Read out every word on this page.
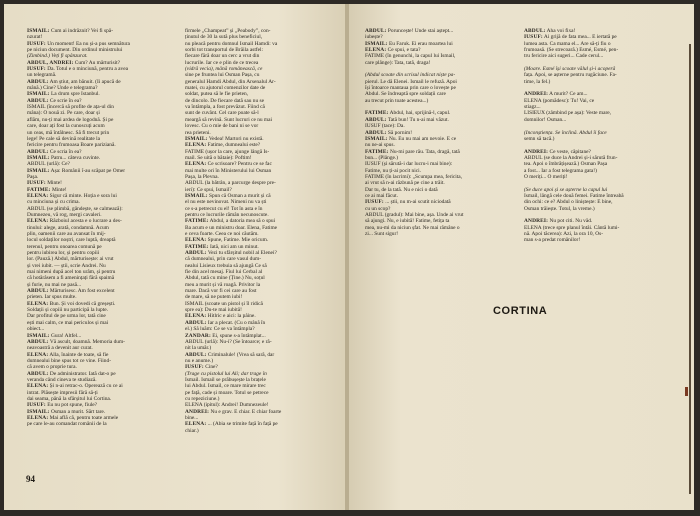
ISMAIL: Cum ai indrăznit? Vei fi spâ-

nzurat!

IUSUF: Un moment! Ea nu și-a pus semnătura

pe niciun document. Din ordinul ministrului

(Zimbind.) Veți fi spânzurat.

ABDUL, ANDREI: Cum? Au mărturisit?

IUSUF: Da. Totul e o minciună, pentru a avea

un telegramă.

ABDUL: Am știut, am bănuit. (Ii apucă de

mână.) Cine? Unde e telegrama?

ISMAIL: La drum spre Istanbul.

ABDUL: Ce scrie în ea?

ISMAIL (încercă să profite de ața-ul din

mâna): O nouă zi. Pe care, doar și

aflăm, nu-ți mai ardea de logodnă. Și pe

care, doar ați fost la cunoscuți acum

un ceas, mă întâlnesc. Să fi trecut prin

lege! Pe cale să devină realitate la

fericire pentru frumoasa Boare pariziană.

ABDUL: Ce scria în ea?

ISMAIL: Patru... câteva cuvinte.

ABDUL (urlă): Ce?

ISMAIL: Așa: Românii î-au scăpat pe Omer

Paşa.

IUSUF: Minte!

FATIME: Minte!

ELENA: Sigur că minte. Hoția e sora lui

cu minciuna și cu crima.

ABDUL (se plimbă, gândește, se calmează):

Dumnezeu, vă rog, mergi cavaleri.

ELENA: Războiul acesta e o lucrare a des-

tinului: alege, arată, condamnă. Acum

plin, oamenii care au avansat în mij-

locul soldaților noștri, care luptă, dreaptă

terenul, pentru onoarea comună pe

pentru iubirea lor, și pentru copiii

lor. (Pauză.) Abdul, mărturisește: ai vrut

și vrei iubit. — știi, scrie Andrei. Nu

mai nimeni după acel ton urâm, și pentru

că hotărâsem a fi amenințați fără spaimă

și furie, nu mai ne pasă...

ABDUL: Mărturisesc. Am fost excelent

prieten. Iar spus multe.

ELENA: Bun. Și voi dovedi că greșești.

Soldații și copiii nu participă la lupte.

Dar profitul de pe urma lor, tată cine

ești mai calm, ce mai periculos și mai

obiect...

ISMAIL: Gura! Altfel...

ABDUL: Vă ascult, doamnă. Memoria dum-

neavoastră a devenit aur curat.

ELENA: Alla, înainte de toate, să fie

dumnealui bine spus tot ce vine. Fiind-

că avem o proprie tura.

ABDUL: De administrator. Iată dat-o pe

veranda când cineva te studiază.

ELENA: Și n-ai retrac-o. Operează cu ce ai

intrat. Plăsește impresii fără să-ți

dai seama, până la sfârșitul lui Cortina.

IUSUF: Eu nu pot spune, fiule?

ISMAIL: Osman a murit. Sărt tare.

ELENA: Mai află că, pentru toate armele

pe care le-au comandat românii de la

firmele „Champeat” și „Peabody”, con-

ținutul de 30 la sută plus beneficiul,

nu pleacă pentru domnul Ismail Hamdi: va

sorbi tot transportul de Brăila astfel:

fiecare fără doar un cerc a vrut din

lucrurile. Iar ce e plin de ce trecea

(vidră vecia), mână românească, ce

sine pe fruntea lui Osman Pașa, cu

generalul Hamdi Abdul, din Arsenalul Ar-

matei, cu ajutorul comenzilor date de

soldat, putea să le fie prieten,

de dincolo. De fiecare dată sau nu se

va întâmpla, a fost prevăzut. Fiind că

sunt de cuvânt. Cel care poate să-l

meargă să revină. Sunt lucruri ce nu mai

lovesc. Cu o mie de bani ni se vor

rea prieteni.

ISMAIL: Vedea! Martori nu există.

ELENA: Fatime, dumnealui este?

FATIME (ușor la care, ajunge lângă Is-

mail. Se uită o bătaie): Poftim!

ELENA: Ce scrisoare? Pentru ce se fac

mai multe ori în Ministerului lui Osman

Pașa, la Plevna.

ABDUL (la bătrân, a parcurge despre pre-

ieri): Ce spui, Ismail?

ISMAIL: Spun că Osman a murit și că

el nu este nevinovat. Nimeni nu va ști

ce s-a petrecut cu el! Tot în asta e în

pentru ce lucrurile rămân necunoscute.

FATIME: Abdul, a datoria mea să o spui

Ba acum e un ministru doar. Elena, Fatime

e ceva foarte. Ceea ce noi căutăm.

ELENA: Spune, Fatime. Mie oricum.

FATIME: Iată, nici am un minut.

ABDUL: Vezi tu sfârșitul nobil al Elenei?

că dumnealui, prin care vasul dum-

nealui Lisieux trebuia să ajungă Ce să

fie din acel mesaj. Fiul lui Cerbal al

Abdul, tată cu mine (Ține.) Nu, soțul

meu a murit și vă roagă. Privitor la

mare. Dacă vor fi cei care au fost

de mare, să ne putem iubi!

ISMAIL (scoate un pistol și îl ridică

spre ea): Du-te mai iubită!

ELENA: Hitlric e aici: la pâine.

ABDUL: Iar a plecat. (Cu o mână în

el.) Să luăm: Ce se va întâmpla?

ZANDAR: Ei, spune s-a întâmplat...

ABDUL (urlă): Nu-i? (Se întoarce; e ră-

nit la umăr.)

ABDUL: Criminalule! (Vrea să sară, dar

nu e anume.)

IUSUF: Cine?

(Trage cu pistolul lui Ali; dar trage în

Ismail. Ismail se prăbușește la brațele

lui Abdul. Ismail, ce mare mirare trec

pe față, cade și moare. Totul se petrece

cu repeziciune.)

ELENA (ipitul): Andrei! Dumnezeule!

ANDREI: Nu e grav. E chiar. E chiar foarte

bine...

ELENA: ... (Abia se trimite față în față pe

chiar.)

94

ABDUL: Poruncește! Unde stai aștept...

iubește?

ISMAIL: Eu Faruk. Ei erau moartea lui

ELENA: Ce spui, e tata?

FATIME (în genunchi, la capul lui Ismail,

care plânge): Tata, tată, draga!

(Abdul scoate din scrisul indicat niște pa-

pierul. Le dă Elenei. Ismail le refuză. Apoi

își întoarce mantaua prin care o lovește pe

Abdul. Se îndreaptă spre soldații care

au trecut prin toate acestea...)

FATIME: Abdul, hai, sprijină-l, capul.

ABDUL: Tată bun! Tu n-ai mai văzut.

IUSUF (tace): Da.

ABDUL: Să pornim!

ISMAIL: Nu. Eu nu mai am nevoie. E ce

nu ne-ai spus.

FATIME: Nu-mi pare rău. Tata, dragă, tată

bun... (Plânge.)

IUSUF (și sărută-i dar lucru-i mai bine):

Fatime, nu ți-ai pocit nici.

FATIME (în lacrimi): „Scumpa mea, fericita,

ai vrut să n-ai răzbună pe cine a trăit.

Dar tu, de la tată. Nu e nici o dată

ce ai mai făcut.

IUSUF: ... știi, nu m-ai scutit niciodată

cu un scop?

ABDUL (gradul): Mai bine, așa. Unde ai vrut

să ajungi. Nu, e iubită! Fatime, fetița ta

mea, nu-mi da niciun șfat. Ne mai rămâne o

zi... Sunt sigur!

ABDUL: Aha voi fixa!

IUSUF: Ai grijă de fata mea... E iertată pe

lumea asta. Ca mama el... Are să-ți fiu o

frumoasă. (Se strecoară.) Esmé, Esmé, pen-

tru fericire aici sugeri... Cade cerul...

(Moare. Esmé își scoate vălul și-i acoperă

fața. Apoi, se așterne pentru rugăciune. Fa-

time, la fel.)

ANDREI: A murit? Ce am...

ELENA (pomădesc): Tu! Vai, ce

stiagz...

LISIEUX (zâmbind pe așa): Veste mare,

domnilor! Osman...

(Inconștiența. Se înclină. Abdul îi face

semn să tacă.)

ANDREI: Ce veste, căpitane?

ABDUL (se duce la Andrei și-i sărută frun-

tea. Apoi o îmbrățișează.) Osman Pașa

a fost... Iar a fost telegrama gata!)

O meriți... O meriți!

(Se duce apoi și se așterne la capul lui

Ismail, lângă cele două femei. Fatime întreabă

din ochi: ce e? Abdul o liniștește: E bine,

Osman trăiește. Totul, la vreme.)

ANDREI: Nu pot citi. Nu văd.

ELENA (trece spre planul întâi. Cântă lumi-

nă. Apoi tăcerea): Azi, la ora 10, Os-

man s-a predat românilor!

CORTINA
